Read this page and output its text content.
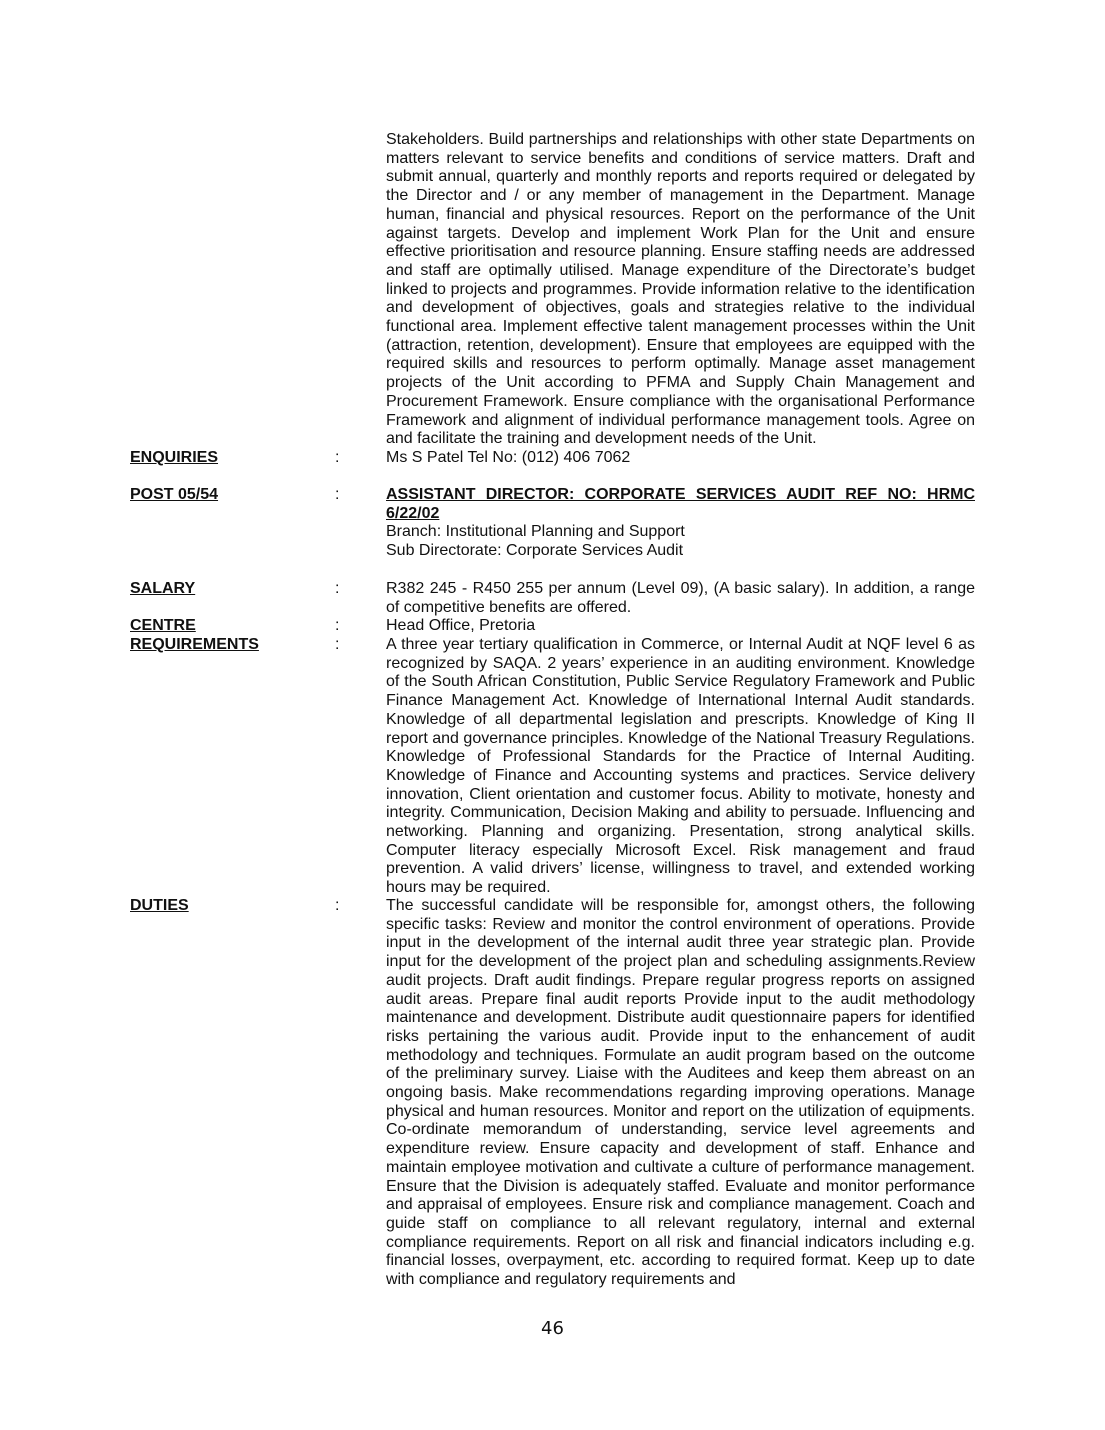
Stakeholders. Build partnerships and relationships with other state Departments on matters relevant to service benefits and conditions of service matters. Draft and submit annual, quarterly and monthly reports and reports required or delegated by the Director and / or any member of management in the Department. Manage human, financial and physical resources. Report on the performance of the Unit against targets. Develop and implement Work Plan for the Unit and ensure effective prioritisation and resource planning. Ensure staffing needs are addressed and staff are optimally utilised. Manage expenditure of the Directorate’s budget linked to projects and programmes. Provide information relative to the identification and development of objectives, goals and strategies relative to the individual functional area. Implement effective talent management processes within the Unit (attraction, retention, development). Ensure that employees are equipped with the required skills and resources to perform optimally. Manage asset management projects of the Unit according to PFMA and Supply Chain Management and Procurement Framework. Ensure compliance with the organisational Performance Framework and alignment of individual performance management tools. Agree on and facilitate the training and development needs of the Unit.
ENQUIRIES	:	Ms S Patel Tel No: (012) 406 7062
POST 05/54	:	ASSISTANT DIRECTOR: CORPORATE SERVICES AUDIT REF NO: HRMC 6/22/02

Branch: Institutional Planning and Support

Sub Directorate: Corporate Services Audit

SALARY	:	R382 245 - R450 255 per annum (Level 09), (A basic salary). In addition, a range of competitive benefits are offered.
CENTRE	:	Head Office, Pretoria
REQUIREMENTS	:	A three year tertiary qualification in Commerce, or Internal Audit at NQF level 6 as recognized by SAQA. 2 years’ experience in an auditing environment. Knowledge of the South African Constitution, Public Service Regulatory Framework and Public Finance Management Act. Knowledge of International Internal Audit standards. Knowledge of all departmental legislation and prescripts. Knowledge of King II report and governance principles. Knowledge of the National Treasury Regulations. Knowledge of Professional Standards for the Practice of Internal Auditing. Knowledge of Finance and Accounting systems and practices. Service delivery innovation, Client orientation and customer focus. Ability to motivate, honesty and integrity. Communication, Decision Making and ability to persuade. Influencing and networking. Planning and organizing. Presentation, strong analytical skills. Computer literacy especially Microsoft Excel. Risk management and fraud prevention. A valid drivers’ license, willingness to travel, and extended working hours may be required.
DUTIES	:	The successful candidate will be responsible for, amongst others, the following specific tasks: Review and monitor the control environment of operations. Provide input in the development of the internal audit three year strategic plan. Provide input for the development of the project plan and scheduling assignments.Review audit projects. Draft audit findings. Prepare regular progress reports on assigned audit areas. Prepare final audit reports Provide input to the audit methodology maintenance and development. Distribute audit questionnaire papers for identified risks pertaining the various audit. Provide input to the enhancement of audit methodology and techniques. Formulate an audit program based on the outcome of the preliminary survey. Liaise with the Auditees and keep them abreast on an ongoing basis. Make recommendations regarding improving operations. Manage physical and human resources. Monitor and report on the utilization of equipments. Co-ordinate memorandum of understanding, service level agreements and expenditure review. Ensure capacity and development of staff. Enhance and maintain employee motivation and cultivate a culture of performance management. Ensure that the Division is adequately staffed. Evaluate and monitor performance and appraisal of employees. Ensure risk and compliance management. Coach and guide staff on compliance to all relevant regulatory, internal and external compliance requirements. Report on all risk and financial indicators including e.g. financial losses, overpayment, etc. according to required format. Keep up to date with compliance and regulatory requirements and
46
